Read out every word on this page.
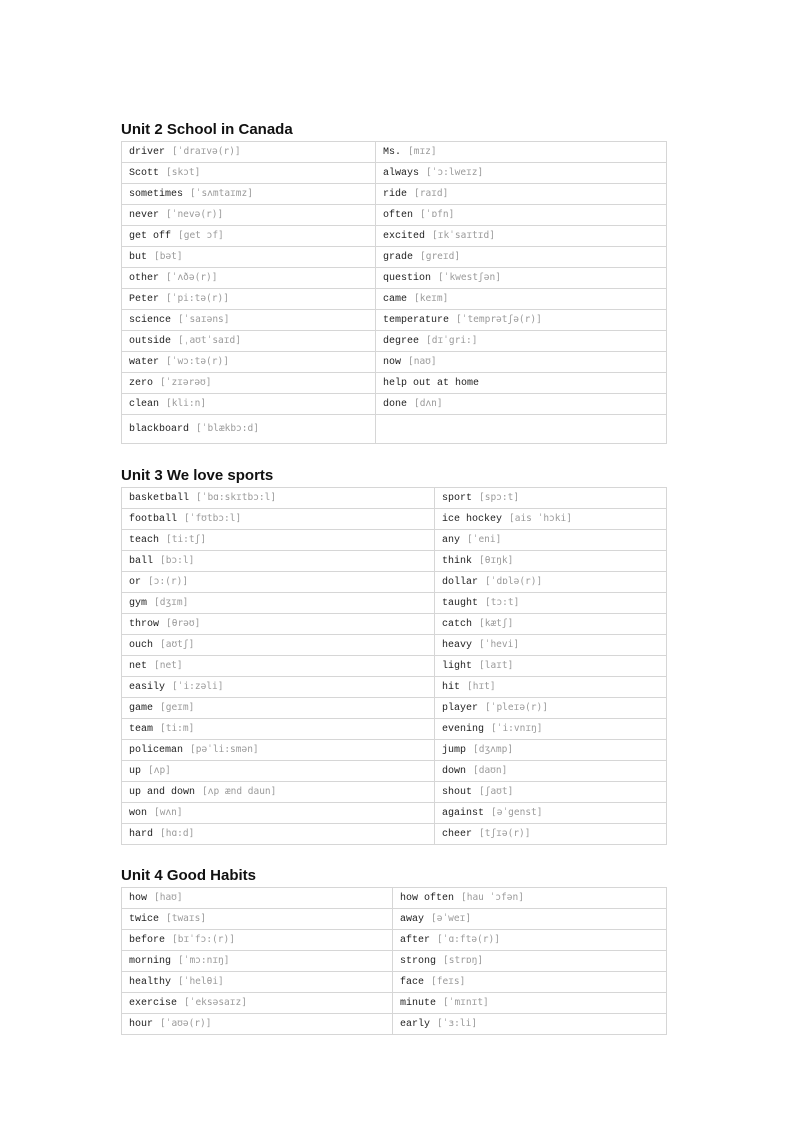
Unit 2 School in Canada
driver [ˈdraɪvə(r)]	Ms. [mɪz]
Scott [skɔt]	always [ˈɔ:lweɪz]
sometimes [ˈsʌmtaɪmz]	ride [raɪd]
never [ˈnevə(r)]	often [ˈɒfn]
get off [get ɔf]	excited [ɪkˈsaɪtɪd]
but [bət]	grade [greɪd]
other [ˈʌðə(r)]	question [ˈkwestʃən]
Peter [ˈpi:tə(r)]	came [keɪm]
science [ˈsaɪəns]	temperature [ˈtemprətʃə(r)]
outside [ˌaʊtˈsaɪd]	degree [dɪˈgri:]
water [ˈwɔ:tə(r)]	now [naʊ]
zero [ˈzɪərəʊ]	help out at home
clean [kli:n]	done [dʌn]
blackboard [ˈblækbɔ:d]	
Unit 3 We love sports
basketball [ˈbɑ:skɪtbɔ:l]	sport [spɔ:t]
football [ˈfʊtbɔ:l]	ice hockey [ais ˈhɔki]
teach [ti:tʃ]	any [ˈeni]
ball [bɔ:l]	think [θɪŋk]
or [ɔ:(r)]	dollar [ˈdɒlə(r)]
gym [dʒɪm]	taught [tɔ:t]
throw [θrəʊ]	catch [kætʃ]
ouch [aʊtʃ]	heavy [ˈhevi]
net [net]	light [laɪt]
easily [ˈi:zəli]	hit [hɪt]
game [geɪm]	player [ˈpleɪə(r)]
team [ti:m]	evening [ˈi:vnɪŋ]
policeman [pəˈli:smən]	jump [dʒʌmp]
up [ʌp]	down [daʊn]
up and down [ʌp ænd daun]	shout [ʃaʊt]
won [wʌn]	against [əˈgenst]
hard [hɑ:d]	cheer [tʃɪə(r)]
Unit 4 Good Habits
how [haʊ]	how often [hau ˈɔfən]
twice [twaɪs]	away [əˈweɪ]
before [bɪˈfɔ:(r)]	after [ˈɑ:ftə(r)]
morning [ˈmɔ:nɪŋ]	strong [strɒŋ]
healthy [ˈhelθi]	face [feɪs]
exercise [ˈeksəsaɪz]	minute [ˈmɪnɪt]
hour [ˈaʊə(r)]	early [ˈɜ:li]
